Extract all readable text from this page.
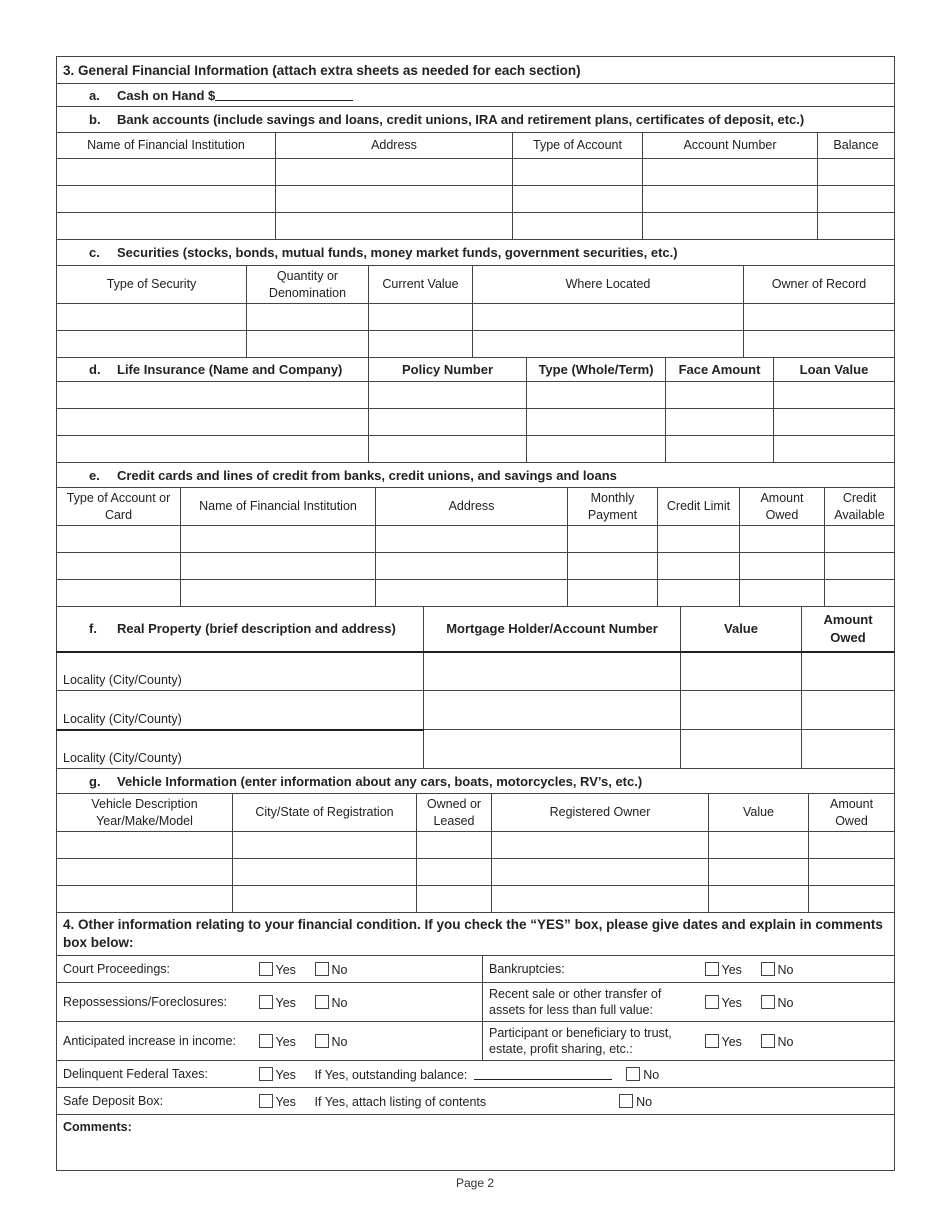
3. General Financial Information (attach extra sheets as needed for each section)				
a. Cash on Hand $				
b. Bank accounts (include savings and loans, credit unions, IRA and retirement plans, certificates of deposit, etc.)				
Name of Financial Institution	Address	Type of Account	Account Number	Balance

c. Securities (stocks, bonds, mutual funds, money market funds, government securities, etc.)				
Type of Security	Quantity or Denomination	Current Value	Where Located	Owner of Record

d. Life Insurance (Name and Company)	Policy Number	Type (Whole/Term)	Face Amount	Loan Value

e. Credit cards and lines of credit from banks, credit unions, and savings and loans						
Type of Account or Card	Name of Financial Institution	Address	Monthly Payment	Credit Limit	Amount Owed	Credit Available

f. Real Property (brief description and address)	Mortgage Holder/Account Number	Value	Amount Owed
Locality (City/County)			
Locality (City/County)			
Locality (City/County)			
g. Vehicle Information (enter information about any cars, boats, motorcycles, RV’s, etc.)					
Vehicle Description Year/Make/Model	City/State of Registration	Owned or Leased	Registered Owner	Value	Amount Owed

4. Other information relating to your financial condition. If you check the “YES” box, please give dates and explain in comments box below:					
Court Proceedings:	Yes	No	Bankruptcies:	Yes	No
Repossessions/Foreclosures:	Yes	No	Recent sale or other transfer of assets for less than full value:	Yes	No
Anticipated increase in income:	Yes	No	Participant or beneficiary to trust, estate, profit sharing, etc.:	Yes	No
Delinquent Federal Taxes:	Yes	If Yes, outstanding balance: No			
Safe Deposit Box:	Yes	If Yes, attach listing of contents No			
Comments:					
Page 2
